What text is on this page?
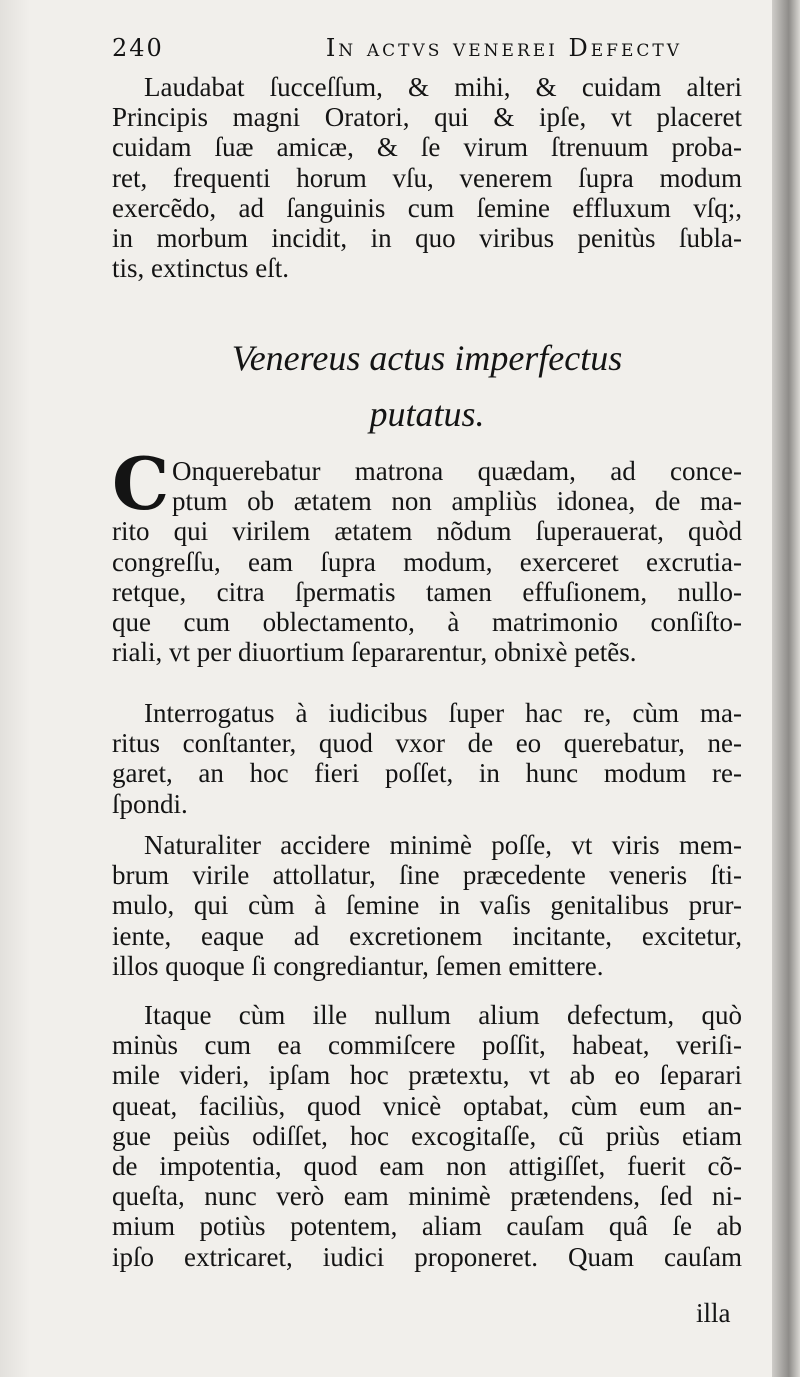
240	In actvs venerei Defectv
Laudabat ſucceſſum, & mihi, & cuidam alteri
Principis magni Oratori, qui & ipſe, vt placeret
cuidam ſuæ amicæ, & ſe virum ſtrenuum proba-
ret, frequenti horum vſu, venerem ſupra modum
exercẽdo, ad ſanguinis cum ſemine effluxum vſq;,
in morbum incidit, in quo viribus penitùs ſubla-
tis, extinctus eſt.
Venereus actus imperfectus
putatus.
C Onquerebatur matrona quædam, ad conce-
ptum ob ætatem non ampliùs idonea, de ma-
rito qui virilem ætatem nõdum ſuperauerat, quòd
congreſſu, eam ſupra modum, exerceret excrutia-
retque, citra ſpermatis tamen effuſionem, nullo-
que cum oblectamento, à matrimonio conſiſto-
riali, vt per diuortium ſepararentur, obnixè petẽs.
Interrogatus à iudicibus ſuper hac re, cùm ma-
ritus conſtanter, quod vxor de eo querebatur, ne-
garet, an hoc fieri poſſet, in hunc modum re-
ſpondi.
Naturaliter accidere minimè poſſe, vt viris mem-
brum virile attollatur, ſine præcedente veneris ſti-
mulo, qui cùm à ſemine in vaſis genitalibus prur-
iente, eaque ad excretionem incitante, excitetur,
illos quoque ſi congrediantur, ſemen emittere.
Itaque cùm ille nullum alium defectum, quò
minùs cum ea commiſcere poſſit, habeat, veriſi-
mile videri, ipſam hoc prætextu, vt ab eo ſeparari
queat, faciliùs, quod vnicè optabat, cùm eum an-
gue peiùs odiſſet, hoc excogitaſſe, cũ priùs etiam
de impotentia, quod eam non attigiſſet, fuerit cõ-
queſta, nunc verò eam minimè prætendens, ſed ni-
mium potiùs potentem, aliam cauſam quâ ſe ab
ipſo extricaret, iudici proponeret. Quam cauſam
illa
